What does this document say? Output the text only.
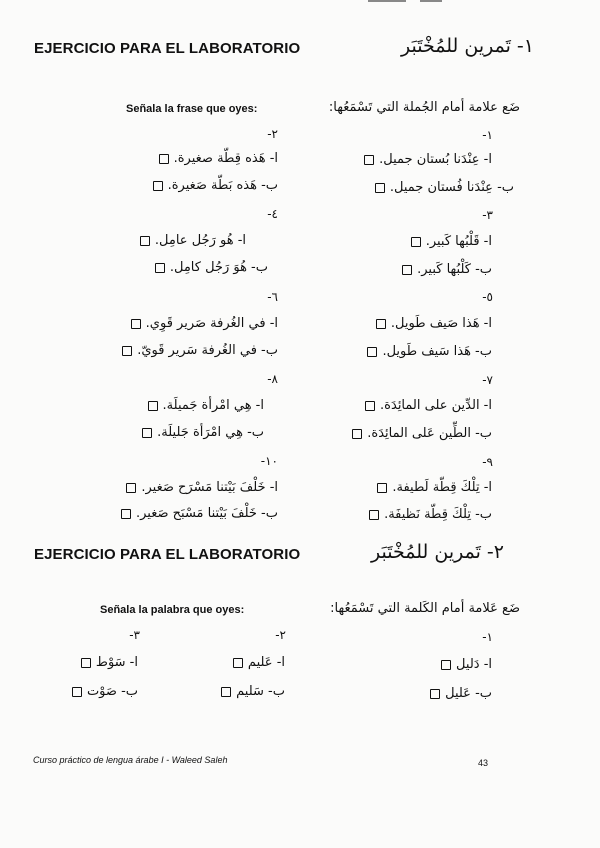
EJERCICIO PARA EL LABORATORIO	١- تَمرين للمُخْتَبَر
Señala la frase que oyes:	ضَع علامة أمام الجُملة التي تَسْمَعُها:
١-
ا- عِنْدَنا بُستان جميل.
ب- عِنْدَنا فُستان جميل.
٢-
ا- هَذه قِطّة صغيرة.
ب- هَذه بَطّة صَغيرة.
٣-
ا- قَلْبُها كَبير.
ب- كَلْبُها كَبير.
٤-
ا- هُو رَجُل عامِل.
ب- هُوَ رَجُل كامِل.
٥-
ا- هَذا صَيف طَويل.
ب- هَذا سَيف طَويل.
٦-
ا- في الغُرفة صَرير قَوِي.
ب- في الغُرفة سَرير قَويّ.
٧-
ا- الدِّين على المائِدَة.
ب- الطِّين عَلى المائِدَة.
٨-
ا- هِي امْرأة جَميلَة.
ب- هِي امْرَأة جَليلَة.
٩-
ا- تِلْكَ قِطّة لَطيفة.
ب- تِلْكَ قِطّة نَظيفَة.
١٠-
ا- خَلْفَ بَيْتنا مَسْرَح صَغير.
ب- خَلْفَ بَيْتنا مَسْبَح صَغير.
EJERCICIO PARA EL LABORATORIO	٢- تَمرين للمُخْتَبَر
Señala la palabra que oyes:	ضَع عَلامة أمام الكَلمة التي تَسْمَعُها:
١-
ا- دَليل
ب- عَليل
٢-
ا- عَليم
ب- سَليم
٣-
ا- سَوْط
ب- صَوْت
Curso práctico de lengua árabe I - Waleed Saleh	43
